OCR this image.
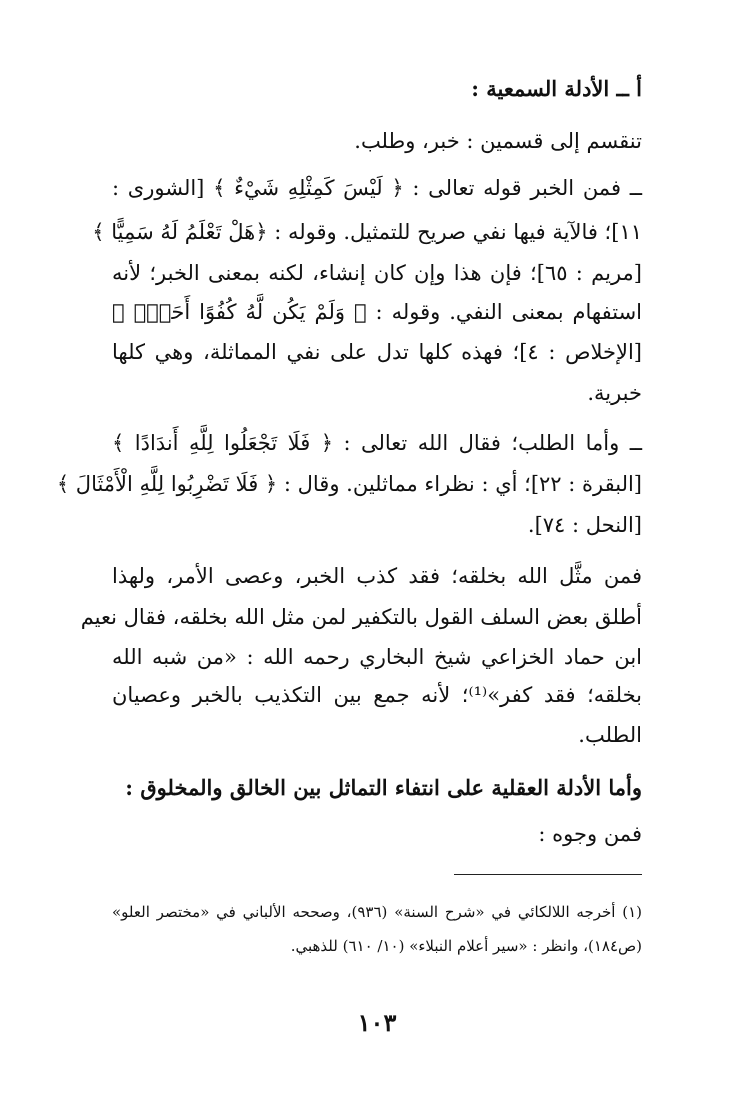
أ ــ الأدلة السمعية :
تنقسم إلى قسمين : خبر، وطلب.
ــ فمن الخبر قوله تعالى : ﴿ لَيْسَ كَمِثْلِهِ شَيْءٌ ﴾ [الشورى :
١١]؛ فالآية فيها نفي صريح للتمثيل. وقوله : ﴿هَلْ تَعْلَمُ لَهُ سَمِيًّا ﴾
[مريم : ٦٥]؛ فإن هذا وإن كان إنشاء، لكنه بمعنى الخبر؛ لأنه
استفهام بمعنى النفي. وقوله : ﴿ وَلَمْ يَكُن لَّهُ كُفُوًا أَحَدٌۢ ﴾
[الإخلاص : ٤]؛ فهذه كلها تدل على نفي المماثلة، وهي كلها
خبرية.
ــ وأما الطلب؛ فقال الله تعالى : ﴿ فَلَا تَجْعَلُوا لِلَّهِ أَندَادًا ﴾
[البقرة : ٢٢]؛ أي : نظراء مماثلين. وقال : ﴿ فَلَا تَضْرِبُوا لِلَّهِ الْأَمْثَالَ ﴾
[النحل : ٧٤].
فمن مثَّل الله بخلقه؛ فقد كذب الخبر، وعصى الأمر، ولهذا
أطلق بعض السلف القول بالتكفير لمن مثل الله بخلقه، فقال نعيم
ابن حماد الخزاعي شيخ البخاري رحمه الله : «من شبه الله
بخلقه؛ فقد كفر»⁽¹⁾؛ لأنه جمع بين التكذيب بالخبر وعصيان
الطلب.
وأما الأدلة العقلية على انتفاء التماثل بين الخالق والمخلوق :
فمن وجوه :
(١) أخرجه اللالكائي في «شرح السنة» (٩٣٦)، وصححه الألباني في «مختصر العلو»
(ص١٨٤)، وانظر : «سير أعلام النبلاء» (١٠/ ٦١٠) للذهبي.
١٠٣
